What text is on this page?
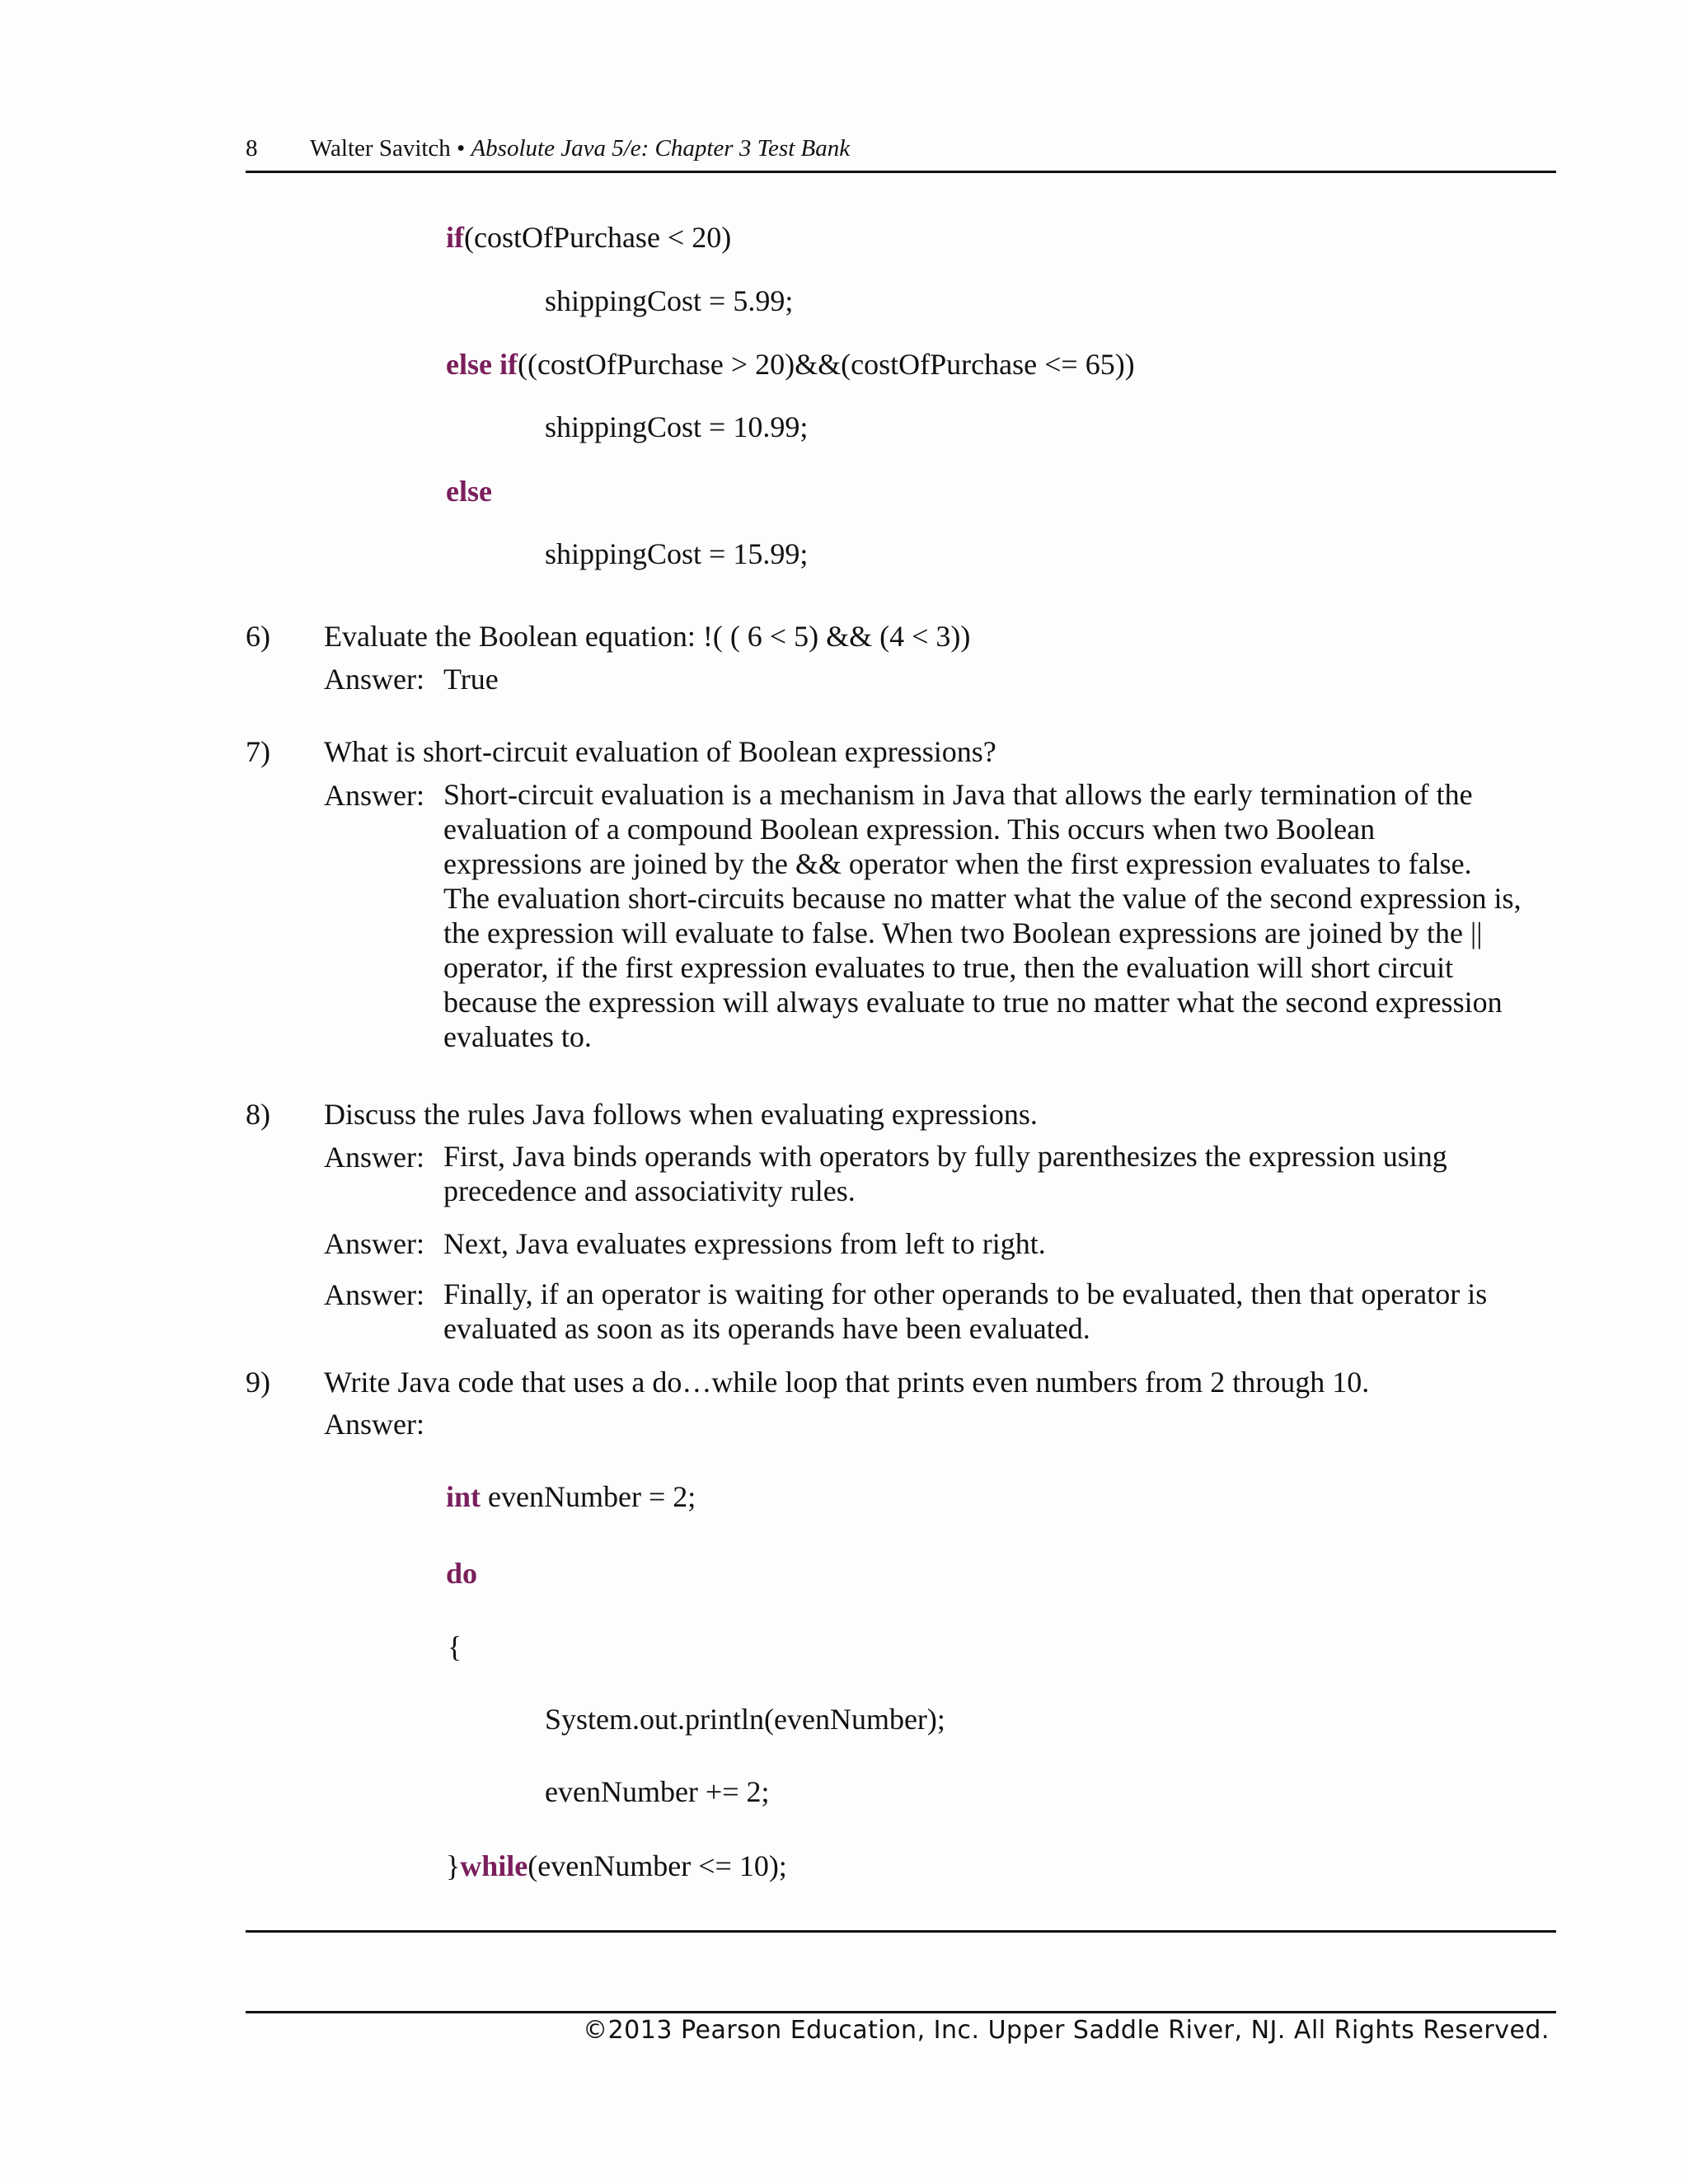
8 Walter Savitch • Absolute Java 5/e: Chapter 3 Test Bank
if(costOfPurchase < 20)
shippingCost = 5.99;
else if((costOfPurchase > 20)&&(costOfPurchase <= 65))
shippingCost = 10.99;
else
shippingCost = 15.99;
6) Evaluate the Boolean equation: !( ( 6 < 5) && (4 < 3))
Answer: True
7) What is short-circuit evaluation of Boolean expressions?
Answer: Short-circuit evaluation is a mechanism in Java that allows the early termination of the
evaluation of a compound Boolean expression. This occurs when two Boolean
expressions are joined by the && operator when the first expression evaluates to false.
The evaluation short-circuits because no matter what the value of the second expression is,
the expression will evaluate to false. When two Boolean expressions are joined by the ||
operator, if the first expression evaluates to true, then the evaluation will short circuit
because the expression will always evaluate to true no matter what the second expression
evaluates to.
8) Discuss the rules Java follows when evaluating expressions.
Answer: First, Java binds operands with operators by fully parenthesizes the expression using
precedence and associativity rules.
Answer: Next, Java evaluates expressions from left to right.
Answer: Finally, if an operator is waiting for other operands to be evaluated, then that operator is
evaluated as soon as its operands have been evaluated.
9) Write Java code that uses a do…while loop that prints even numbers from 2 through 10.
Answer:
int evenNumber = 2;
do
{
System.out.println(evenNumber);
evenNumber += 2;
}while(evenNumber <= 10);
©2013 Pearson Education, Inc. Upper Saddle River, NJ. All Rights Reserved.
